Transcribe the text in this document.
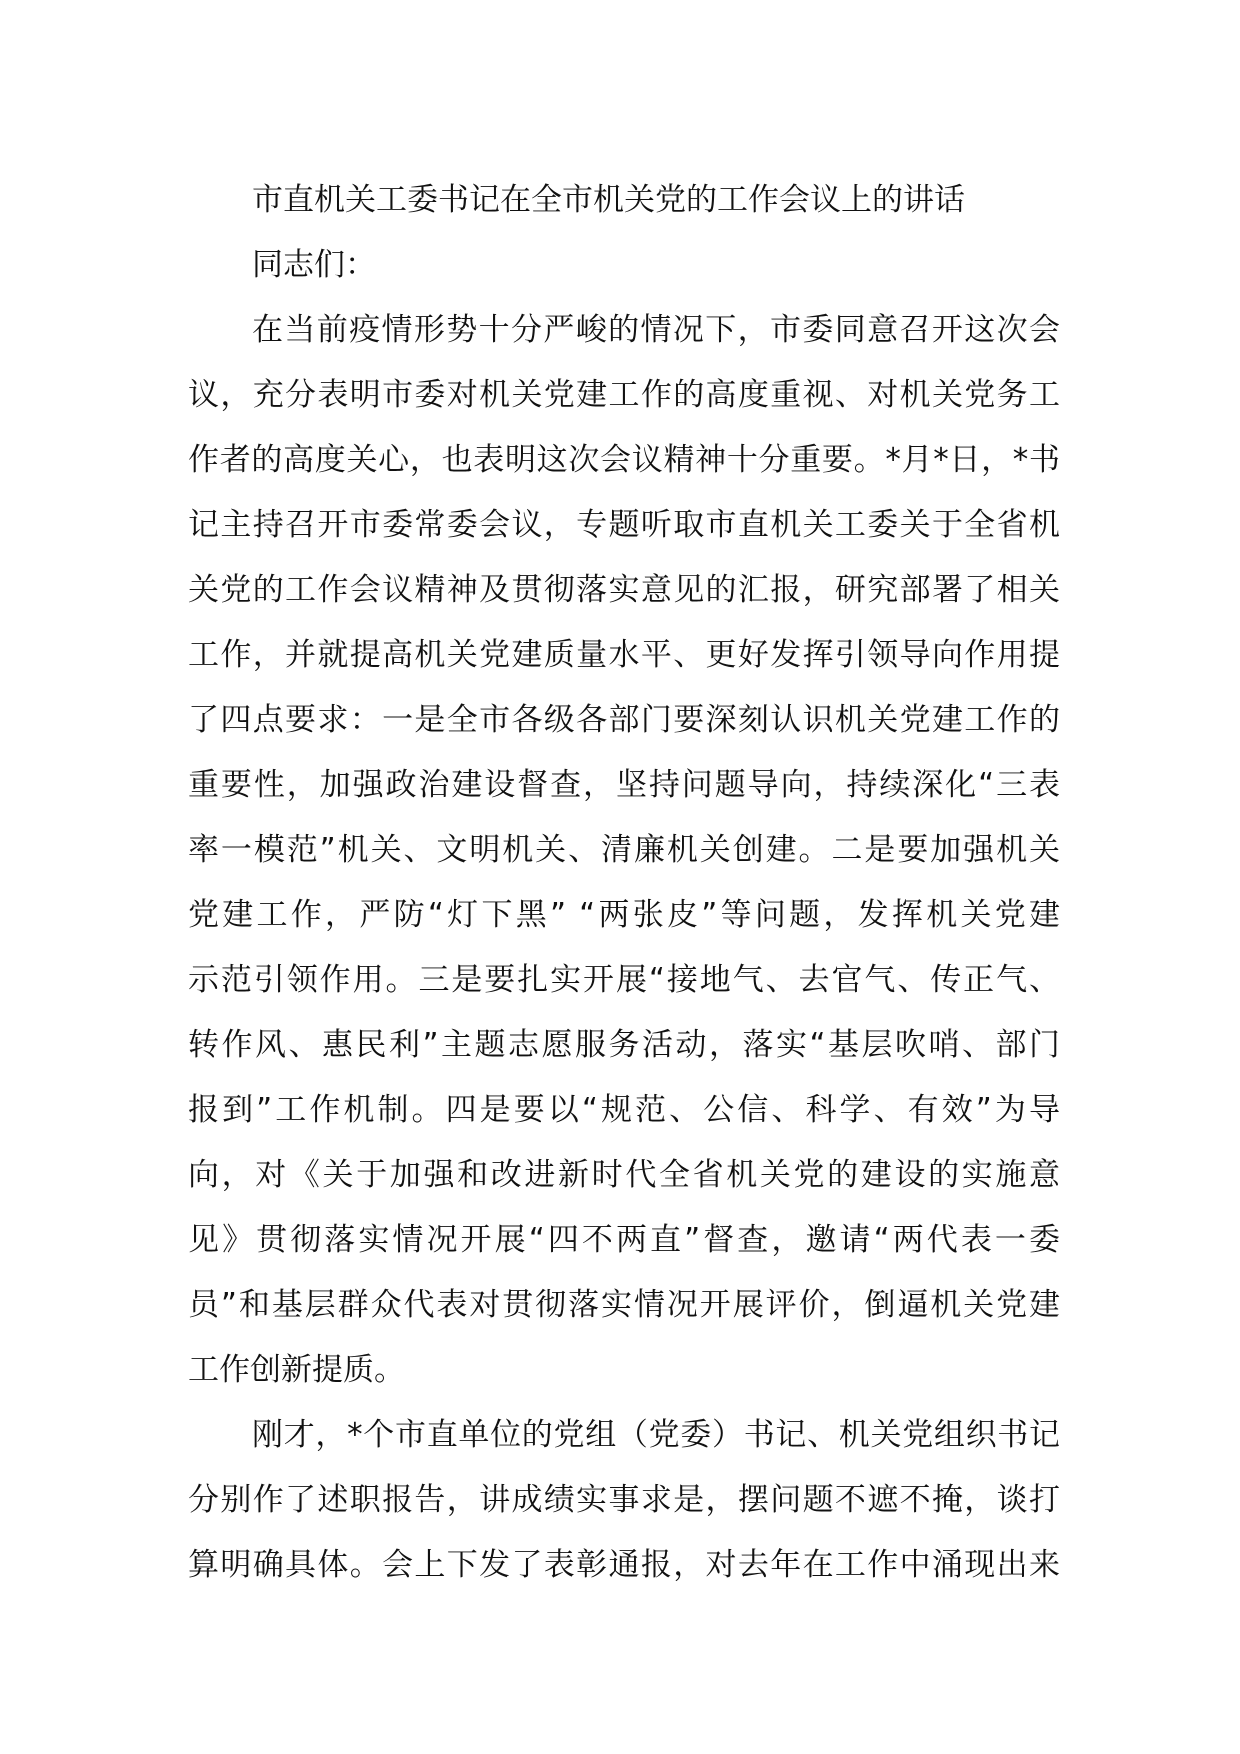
市直机关工委书记在全市机关党的工作会议上的讲话
同志们：
在当前疫情形势十分严峻的情况下，市委同意召开这次会
议，充分表明市委对机关党建工作的高度重视、对机关党务工
作者的高度关心，也表明这次会议精神十分重要。*月*日，*书
记主持召开市委常委会议，专题听取市直机关工委关于全省机
关党的工作会议精神及贯彻落实意见的汇报，研究部署了相关
工作，并就提高机关党建质量水平、更好发挥引领导向作用提
了四点要求：一是全市各级各部门要深刻认识机关党建工作的
重要性，加强政治建设督查，坚持问题导向，持续深化“三表
率一模范”机关、文明机关、清廉机关创建。二是要加强机关
党建工作，严防“灯下黑” “两张皮”等问题，发挥机关党建
示范引领作用。三是要扎实开展“接地气、去官气、传正气、
转作风、惠民利”主题志愿服务活动，落实“基层吹哨、部门
报到”工作机制。四是要以“规范、公信、科学、有效”为导
向，对《关于加强和改进新时代全省机关党的建设的实施意
见》贯彻落实情况开展“四不两直”督查，邀请“两代表一委
员”和基层群众代表对贯彻落实情况开展评价，倒逼机关党建
工作创新提质。
刚才，*个市直单位的党组（党委）书记、机关党组织书记
分别作了述职报告，讲成绩实事求是，摆问题不遮不掩，谈打
算明确具体。会上下发了表彰通报，对去年在工作中涌现出来
